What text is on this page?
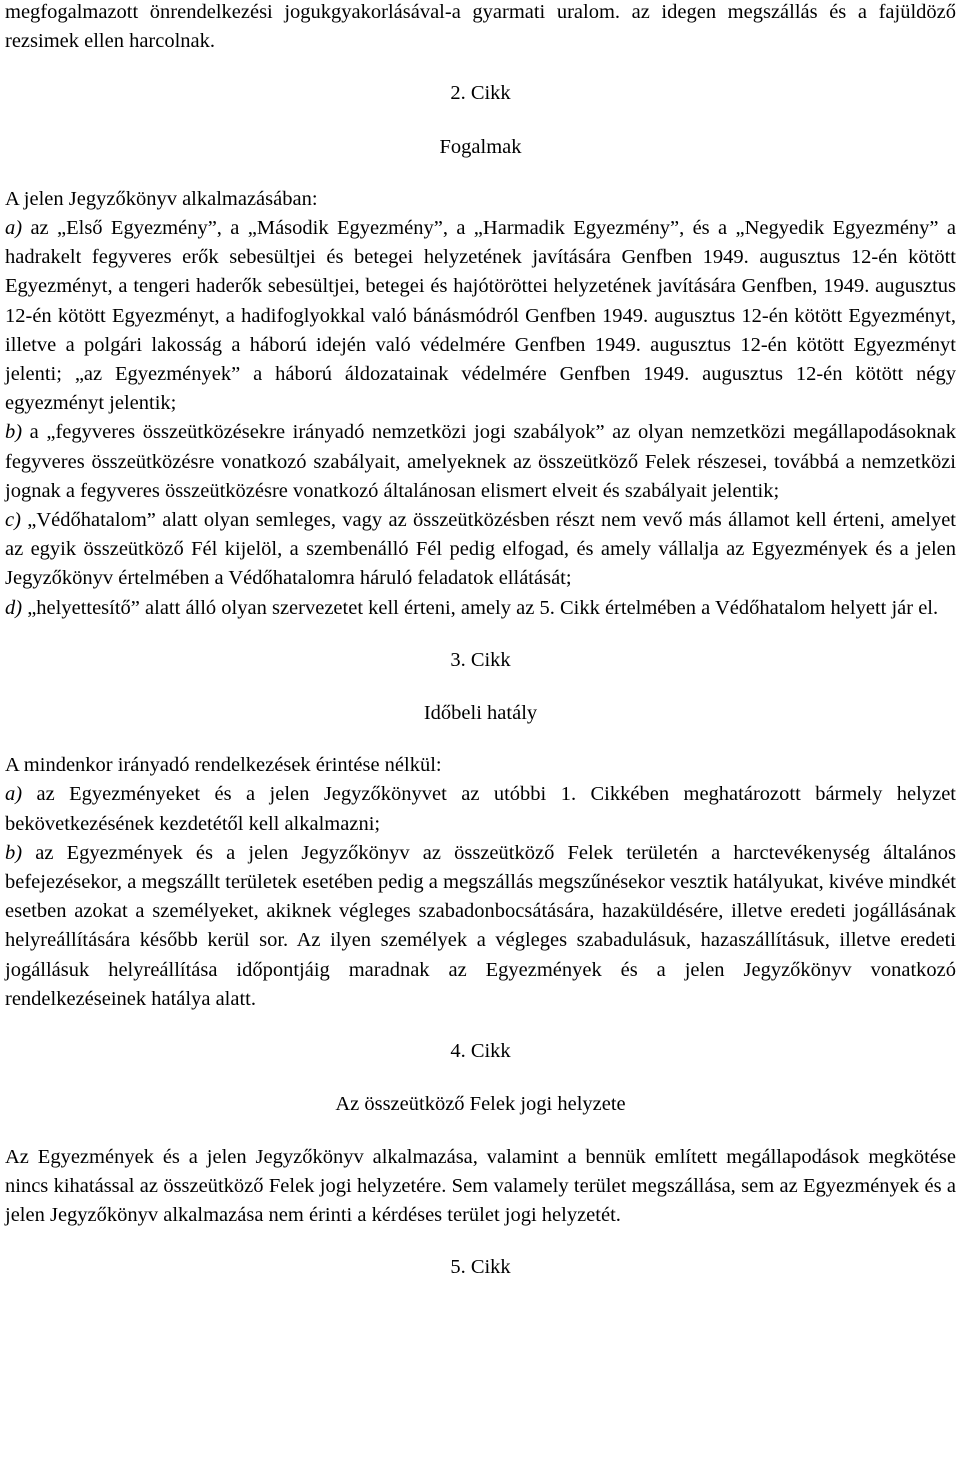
megfogalmazott önrendelkezési jogukgyakorlásával-a gyarmati uralom. az idegen megszállás és a fajüldöző rezsimek ellen harcolnak.

2. Cikk

Fogalmak

A jelen Jegyzőkönyv alkalmazásában:

a) az „Első Egyezmény”, a „Második Egyezmény”, a „Harmadik Egyezmény”, és a „Negyedik Egyezmény” a hadrakelt fegyveres erők sebesültjei és betegei helyzetének javítására Genfben 1949. augusztus 12-én kötött Egyezményt, a tengeri haderők sebesültjei, betegei és hajótöröttei helyzetének javítására Genfben, 1949. augusztus 12-én kötött Egyezményt, a hadifoglyokkal való bánásmódról Genfben 1949. augusztus 12-én kötött Egyezményt, illetve a polgári lakosság a háború idején való védelmére Genfben 1949. augusztus 12-én kötött Egyezményt jelenti; „az Egyezmények” a háború áldozatainak védelmére Genfben 1949. augusztus 12-én kötött négy egyezményt jelentik;

b) a „fegyveres összeütközésekre irányadó nemzetközi jogi szabályok” az olyan nemzetközi megállapodásoknak fegyveres összeütközésre vonatkozó szabályait, amelyeknek az összeütköző Felek részesei, továbbá a nemzetközi jognak a fegyveres összeütközésre vonatkozó általánosan elismert elveit és szabályait jelentik;

c) „Védőhatalom” alatt olyan semleges, vagy az összeütközésben részt nem vevő más államot kell érteni, amelyet az egyik összeütköző Fél kijelöl, a szembenálló Fél pedig elfogad, és amely vállalja az Egyezmények és a jelen Jegyzőkönyv értelmében a Védőhatalomra háruló feladatok ellátását;

d) „helyettesítő” alatt álló olyan szervezetet kell érteni, amely az 5. Cikk értelmében a Védőhatalom helyett jár el.

3. Cikk

Időbeli hatály

A mindenkor irányadó rendelkezések érintése nélkül:

a) az Egyezményeket és a jelen Jegyzőkönyvet az utóbbi 1. Cikkében meghatározott bármely helyzet bekövetkezésének kezdetétől kell alkalmazni;

b) az Egyezmények és a jelen Jegyzőkönyv az összeütköző Felek területén a harctevékenység általános befejezésekor, a megszállt területek esetében pedig a megszállás megszűnésekor vesztik hatályukat, kivéve mindkét esetben azokat a személyeket, akiknek végleges szabadonbocsátására, hazaküldésére, illetve eredeti jogállásának helyreállítására később kerül sor. Az ilyen személyek a végleges szabadulásuk, hazaszállításuk, illetve eredeti jogállásuk helyreállítása időpontjáig maradnak az Egyezmények és a jelen Jegyzőkönyv vonatkozó rendelkezéseinek hatálya alatt.

4. Cikk

Az összeütköző Felek jogi helyzete

Az Egyezmények és a jelen Jegyzőkönyv alkalmazása, valamint a bennük említett megállapodások megkötése nincs kihatással az összeütköző Felek jogi helyzetére. Sem valamely terület megszállása, sem az Egyezmények és a jelen Jegyzőkönyv alkalmazása nem érinti a kérdéses terület jogi helyzetét.

5. Cikk
